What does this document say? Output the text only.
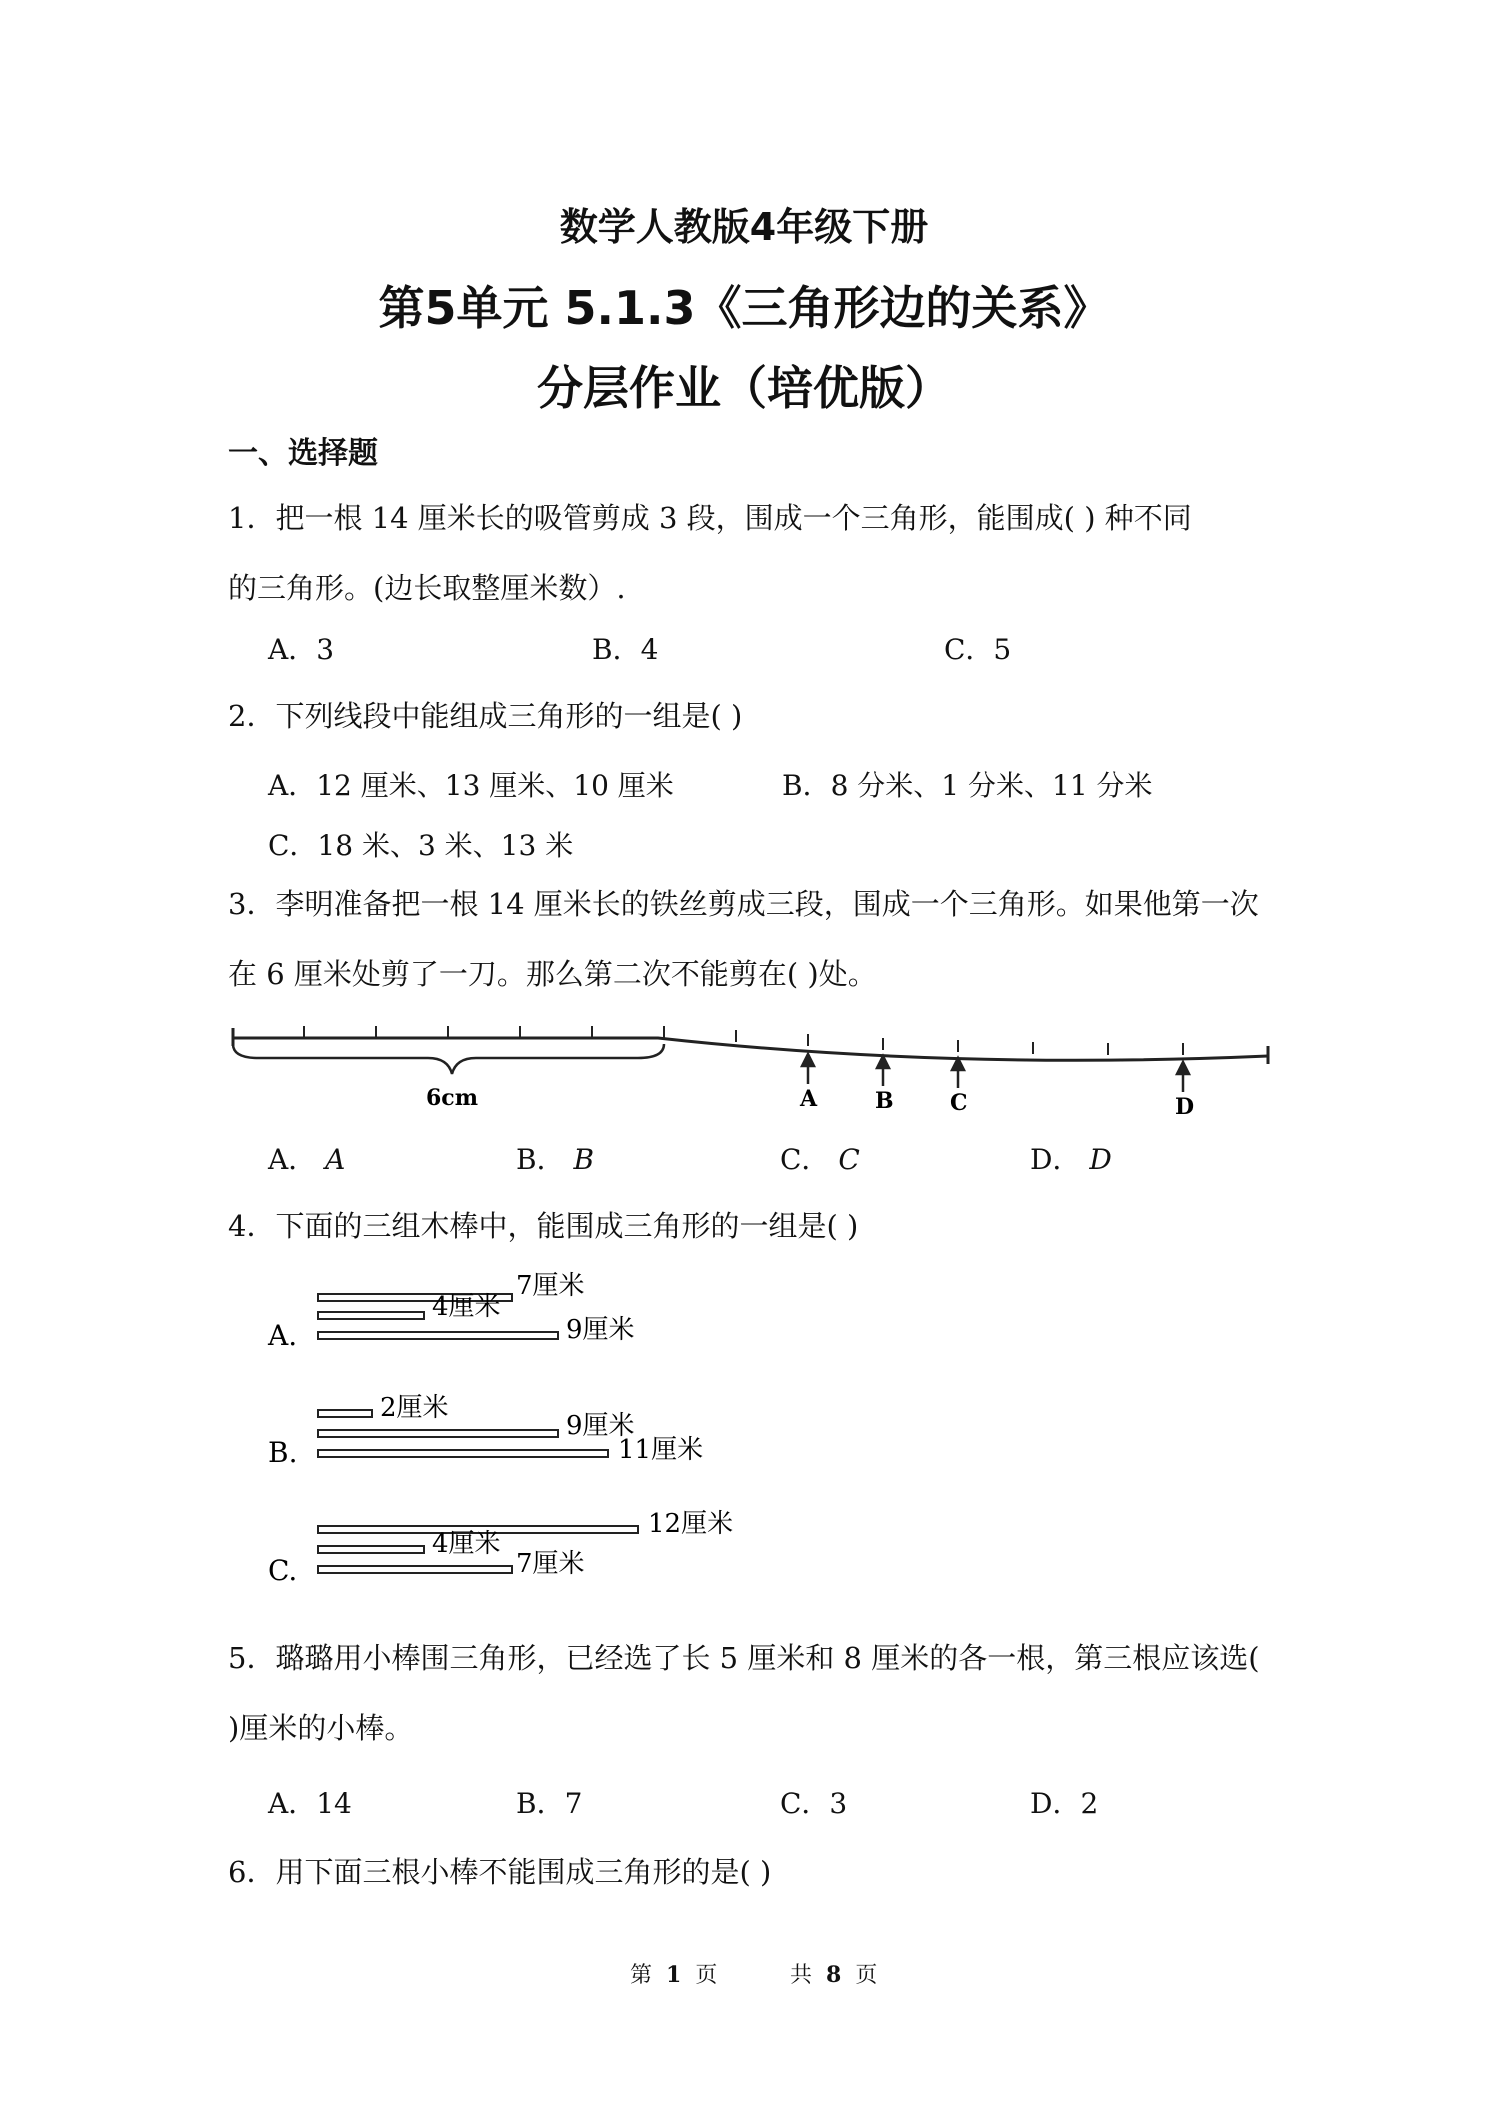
数学人教版4年级下册
第5单元 5.1.3《三角形边的关系》
分层作业（培优版）
一、选择题
1．把一根 14 厘米长的吸管剪成 3 段，围成一个三角形，能围成( ) 种不同
的三角形。(边长取整厘米数）.
A．3	B．4	C．5
2．下列线段中能组成三角形的一组是( )
A．12 厘米、13 厘米、10 厘米	B．8 分米、1 分米、11 分米
C．18 米、3 米、13 米
3．李明准备把一根 14 厘米长的铁丝剪成三段，围成一个三角形。如果他第一次
在 6 厘米处剪了一刀。那么第二次不能剪在( )处。
6cm	A	B	C	D
A． A	B． B	C． C	D． D
4．下面的三组木棒中，能围成三角形的一组是( )
A.
7厘米
4厘米
9厘米
B.
2厘米
9厘米
11厘米
C.
12厘米
4厘米
7厘米
5．璐璐用小棒围三角形，已经选了长 5 厘米和 8 厘米的各一根，第三根应该选(
)厘米的小棒。
A．14	B．7	C．3	D．2
6．用下面三根小棒不能围成三角形的是( )
第 1 页	共 8 页
